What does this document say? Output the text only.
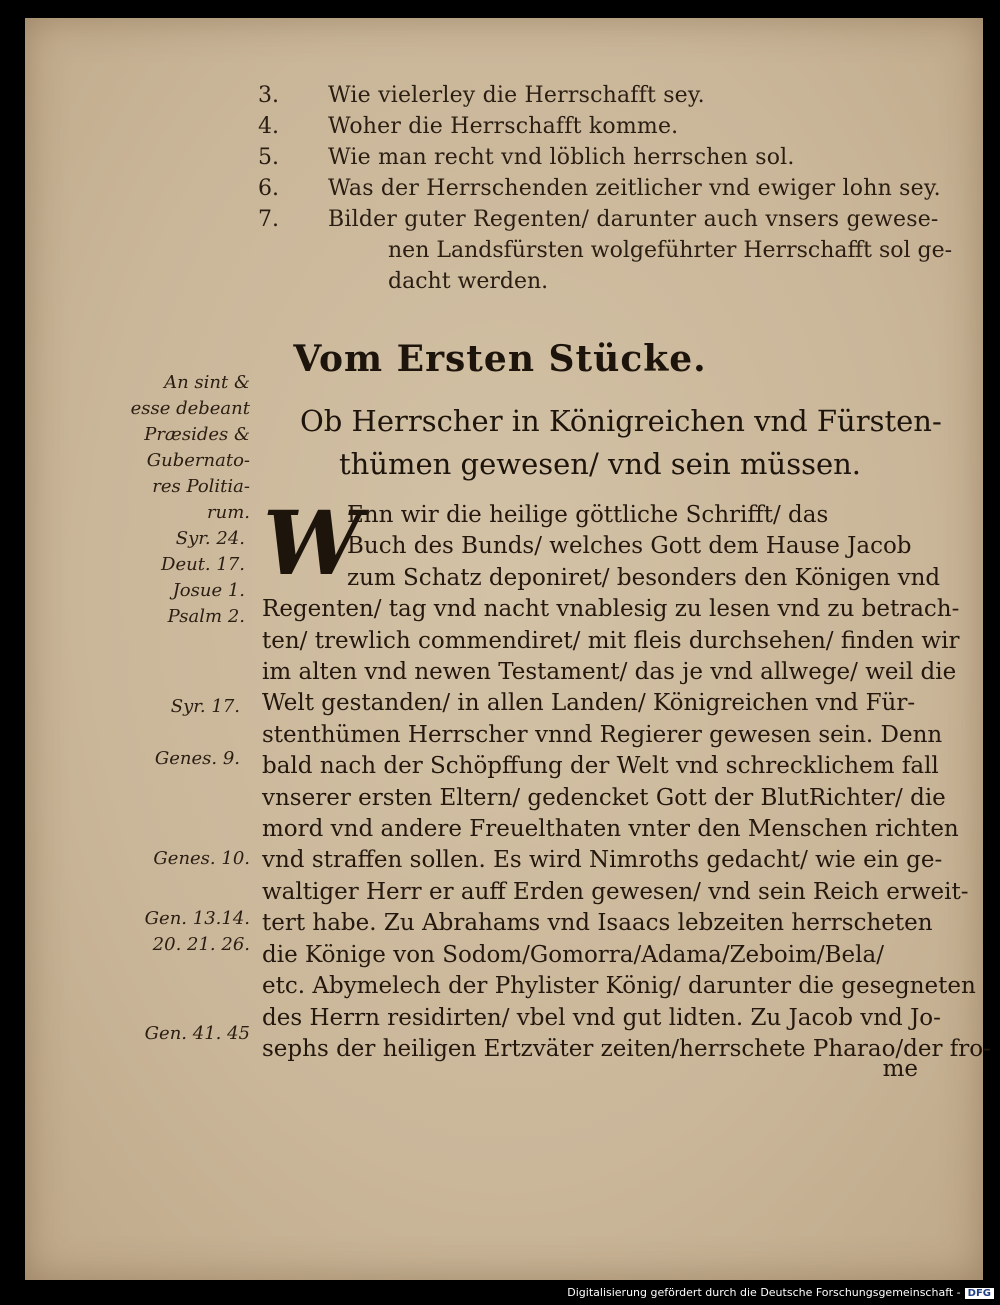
3.	Wie vielerley die Herrschafft sey.
4.	Woher die Herrschafft komme.
5.	Wie man recht vnd löblich herrschen sol.
6.	Was der Herrschenden zeitlicher vnd ewiger lohn sey.
7.	Bilder guter Regenten/ darunter auch vnsers gewese-
nen Landsfürsten wolgeführter Herrschafft sol ge-
dacht werden.
Vom Ersten Stücke.
Ob Herrscher in Königreichen vnd Fürsten-
thümen gewesen/ vnd sein müssen.
An sint &
esse debeant
Præsides &
Gubernato-
res Politia-
rum.
Syr. 24.
Deut. 17.
Josue 1.
Psalm 2.
Syr. 17.
Genes. 9.
Genes. 10.
Gen. 13.14.
20. 21. 26.
Gen. 41. 45
W
Enn wir die heilige göttliche Schrifft/ das
Buch des Bunds/ welches Gott dem Hause Jacob
zum Schatz deponiret/ besonders den Königen vnd
Regenten/ tag vnd nacht vnablesig zu lesen vnd zu betrach-
ten/ trewlich commendiret/ mit fleis durchsehen/ finden wir
im alten vnd newen Testament/ das je vnd allwege/ weil die
Welt gestanden/ in allen Landen/ Königreichen vnd Für-
stenthümen Herrscher vnnd Regierer gewesen sein. Denn
bald nach der Schöpffung der Welt vnd schrecklichem fall
vnserer ersten Eltern/ gedencket Gott der BlutRichter/ die
mord vnd andere Freuelthaten vnter den Menschen richten
vnd straffen sollen. Es wird Nimroths gedacht/ wie ein ge-
waltiger Herr er auff Erden gewesen/ vnd sein Reich erweit-
tert habe. Zu Abrahams vnd Isaacs lebzeiten herrscheten
die Könige von Sodom/Gomorra/Adama/Zeboim/Bela/
etc. Abymelech der Phylister König/ darunter die gesegneten
des Herrn residirten/ vbel vnd gut lidten. Zu Jacob vnd Jo-
sephs der heiligen Ertzväter zeiten/herrschete Pharao/der fro-
me
Digitalisierung gefördert durch die Deutsche Forschungsgemeinschaft - DFG
